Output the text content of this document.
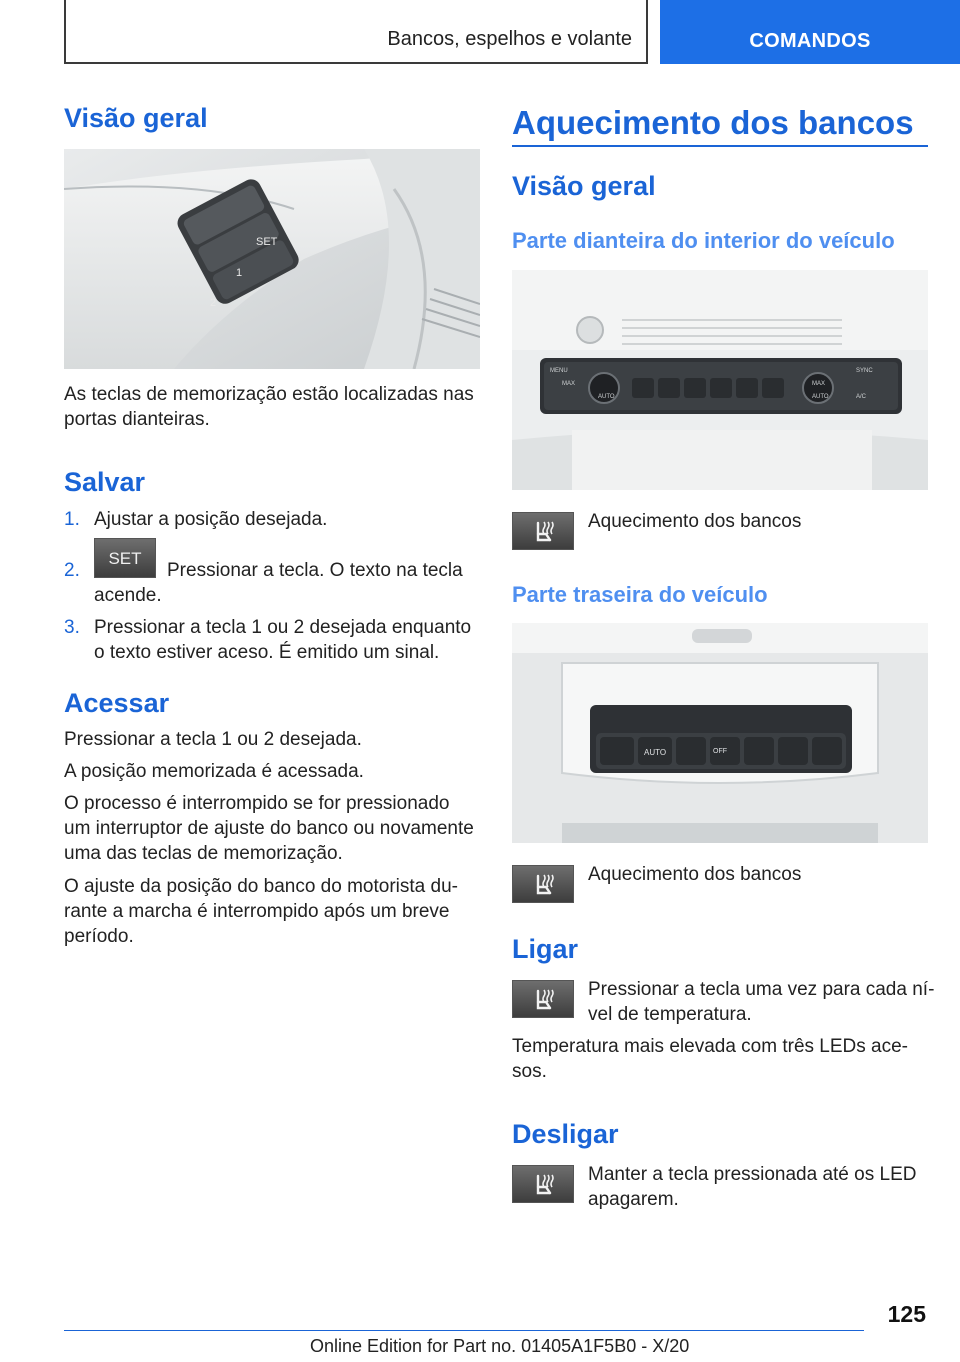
Bancos, espelhos e volante	COMANDOS
Visão geral
SET
1
2

As teclas de memorização estão localizadas nas

portas dianteiras.

Salvar
1. Ajustar a posição desejada.

2.
SET

Pressionar a tecla. O texto na tecla

acende.

3. Pressionar a tecla 1 ou 2 desejada enquanto

o texto estiver aceso. É emitido um sinal.

Acessar

Pressionar a tecla 1 ou 2 desejada.

A posição memorizada é acessada.

O processo é interrompido se for pressionado

um interruptor de ajuste do banco ou novamente

uma das teclas de memorização.

O ajuste da posição do banco do motorista du-

rante a marcha é interrompido após um breve

período.

Aquecimento dos bancos
Visão geral
Parte dianteira do interior do veículo
MENU
MAX
AUTO
SYNC
MAX
AUTO	A/C

Aquecimento dos bancos

Parte traseira do veículo
AUTO	OFF

Aquecimento dos bancos

Ligar

Pressionar a tecla uma vez para cada ní-

vel de temperatura.

Temperatura mais elevada com três LEDs ace-

sos.

Desligar

Manter a tecla pressionada até os LED

apagarem.

125
Online Edition for Part no. 01405A1F5B0 - X/20
